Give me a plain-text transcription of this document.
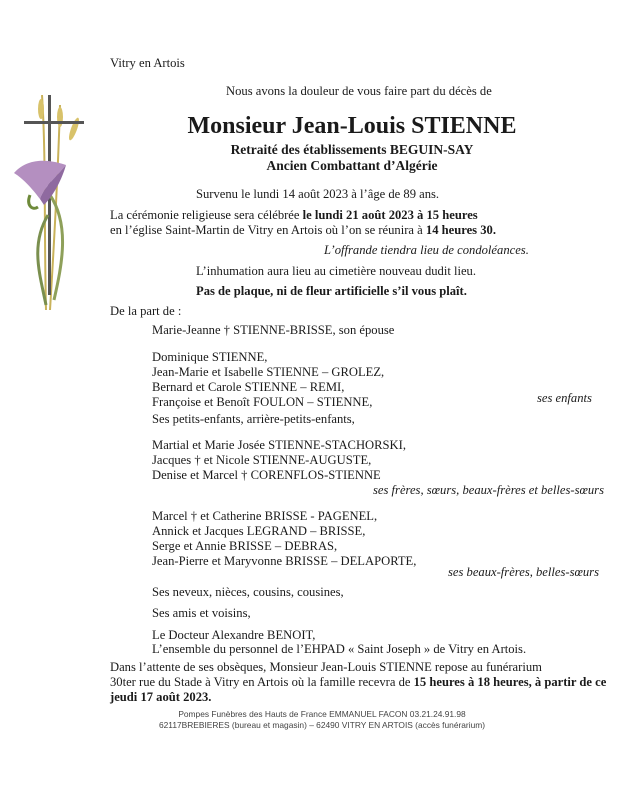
Vitry en Artois
Nous avons la douleur de vous faire part du décès de
Monsieur Jean-Louis STIENNE
Retraité des établissements BEGUIN-SAY
Ancien Combattant d’Algérie
Survenu le lundi 14 août 2023 à l’âge de 89 ans.
La cérémonie religieuse sera célébrée le lundi 21 août 2023 à 15 heures
en l’église Saint-Martin de Vitry en Artois où l’on se réunira à 14 heures 30.
L’offrande tiendra lieu de condoléances.
L’inhumation aura lieu au cimetière nouveau dudit lieu.
Pas de plaque, ni de fleur artificielle s’il vous plaît.
De la part de :
Marie-Jeanne † STIENNE-BRISSE, son épouse
Dominique STIENNE,
Jean-Marie et Isabelle STIENNE – GROLEZ,
Bernard et Carole STIENNE – REMI,
Françoise et Benoît FOULON – STIENNE,	ses enfants
Ses petits-enfants, arrière-petits-enfants,
Martial et Marie Josée STIENNE-STACHORSKI,
Jacques † et Nicole STIENNE-AUGUSTE,
Denise et Marcel † CORENFLOS-STIENNE
ses frères, sœurs, beaux-frères et belles-sœurs
Marcel † et Catherine BRISSE - PAGENEL,
Annick et Jacques LEGRAND – BRISSE,
Serge et Annie BRISSE – DEBRAS,
Jean-Pierre et Maryvonne BRISSE – DELAPORTE,
ses beaux-frères, belles-sœurs
Ses neveux, nièces, cousins, cousines,
Ses amis et voisins,
Le Docteur Alexandre BENOIT,
L’ensemble du personnel de l’EHPAD « Saint Joseph » de Vitry en Artois.
Dans l’attente de ses obsèques, Monsieur Jean-Louis STIENNE repose au funérarium
30ter rue du Stade à Vitry en Artois où la famille recevra de 15 heures à 18 heures, à partir de ce
jeudi 17 août 2023.
Pompes Funèbres des Hauts de France EMMANUEL FACON 03.21.24.91.98
62117BREBIERES (bureau et magasin) – 62490 VITRY EN ARTOIS (accès funérarium)
